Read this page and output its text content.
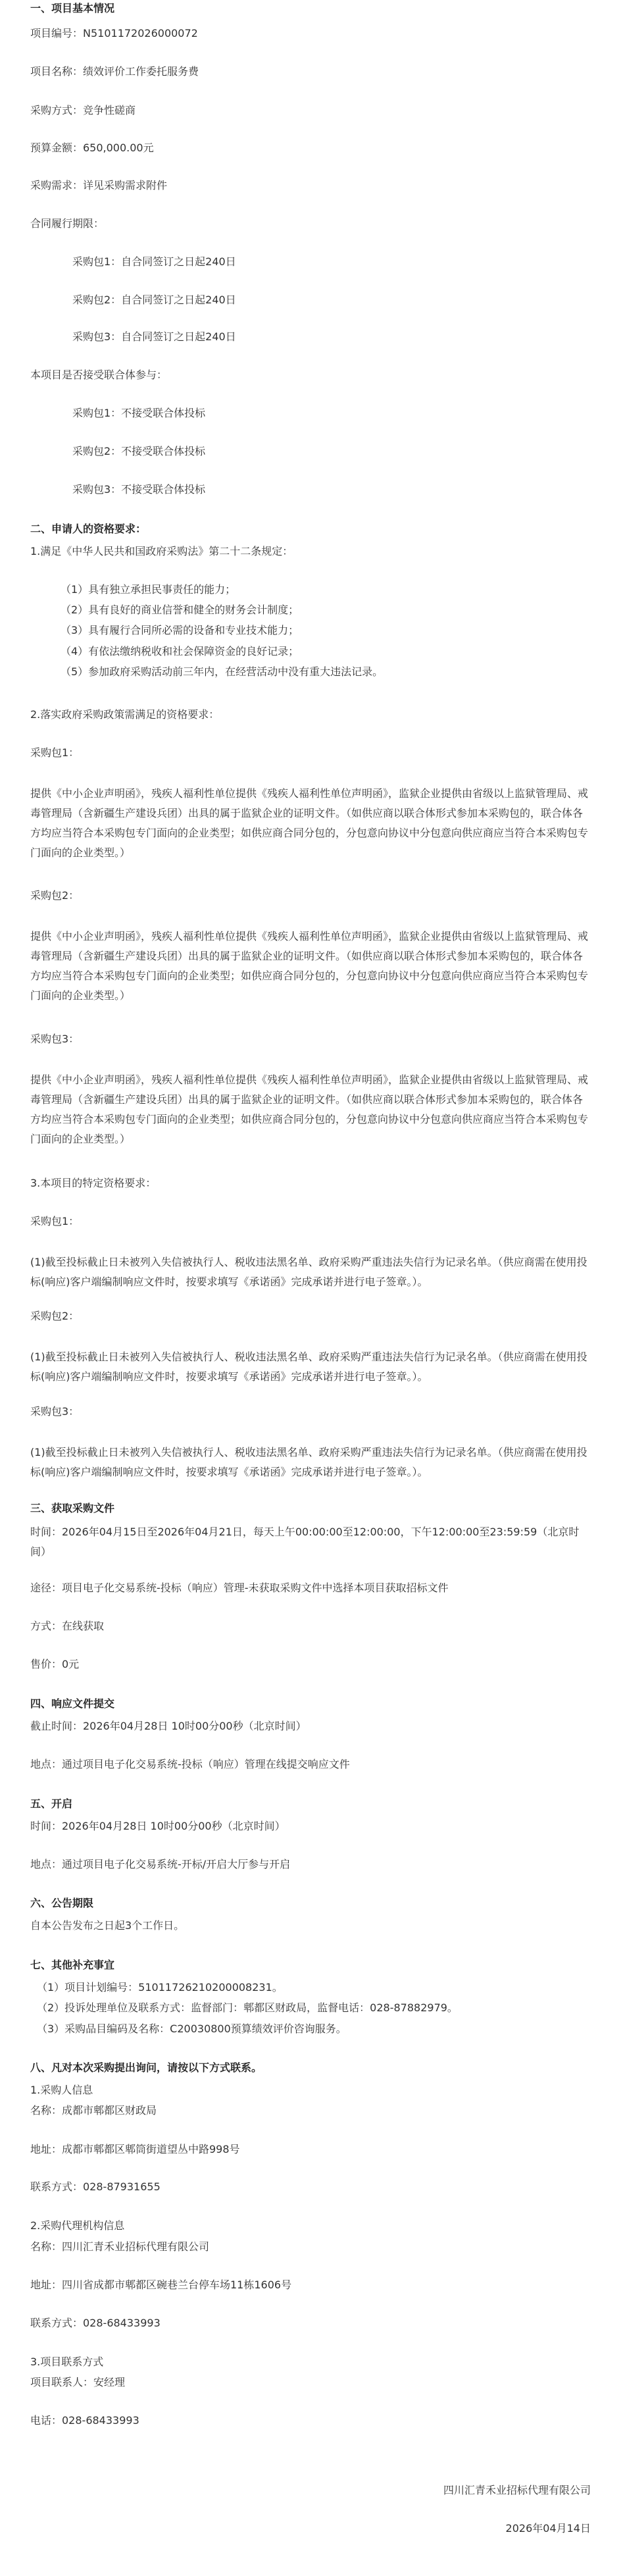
一、项目基本情况
项目编号：N5101172026000072
项目名称：绩效评价工作委托服务费
采购方式：竞争性磋商
预算金额：650,000.00元
采购需求：详见采购需求附件
合同履行期限：
采购包1：自合同签订之日起240日
采购包2：自合同签订之日起240日
采购包3：自合同签订之日起240日
本项目是否接受联合体参与：
采购包1：不接受联合体投标
采购包2：不接受联合体投标
采购包3：不接受联合体投标
二、申请人的资格要求：
1.满足《中华人民共和国政府采购法》第二十二条规定：
（1）具有独立承担民事责任的能力；
（2）具有良好的商业信誉和健全的财务会计制度；
（3）具有履行合同所必需的设备和专业技术能力；
（4）有依法缴纳税收和社会保障资金的良好记录；
（5）参加政府采购活动前三年内，在经营活动中没有重大违法记录。
2.落实政府采购政策需满足的资格要求：
采购包1：
提供《中小企业声明函》，残疾人福利性单位提供《残疾人福利性单位声明函》，监狱企业提供由省级以上监狱管理局、戒毒管理局（含新疆生产建设兵团）出具的属于监狱企业的证明文件。（如供应商以联合体形式参加本采购包的，联合体各方均应当符合本采购包专门面向的企业类型；如供应商合同分包的，分包意向协议中分包意向供应商应当符合本采购包专门面向的企业类型。）
采购包2：
提供《中小企业声明函》，残疾人福利性单位提供《残疾人福利性单位声明函》，监狱企业提供由省级以上监狱管理局、戒毒管理局（含新疆生产建设兵团）出具的属于监狱企业的证明文件。（如供应商以联合体形式参加本采购包的，联合体各方均应当符合本采购包专门面向的企业类型；如供应商合同分包的，分包意向协议中分包意向供应商应当符合本采购包专门面向的企业类型。）
采购包3：
提供《中小企业声明函》，残疾人福利性单位提供《残疾人福利性单位声明函》，监狱企业提供由省级以上监狱管理局、戒毒管理局（含新疆生产建设兵团）出具的属于监狱企业的证明文件。（如供应商以联合体形式参加本采购包的，联合体各方均应当符合本采购包专门面向的企业类型；如供应商合同分包的，分包意向协议中分包意向供应商应当符合本采购包专门面向的企业类型。）
3.本项目的特定资格要求：
采购包1：
(1)截至投标截止日未被列入失信被执行人、税收违法黑名单、政府采购严重违法失信行为记录名单。（供应商需在使用投标(响应)客户端编制响应文件时，按要求填写《承诺函》完成承诺并进行电子签章。）。
采购包2：
(1)截至投标截止日未被列入失信被执行人、税收违法黑名单、政府采购严重违法失信行为记录名单。（供应商需在使用投标(响应)客户端编制响应文件时，按要求填写《承诺函》完成承诺并进行电子签章。）。
采购包3：
(1)截至投标截止日未被列入失信被执行人、税收违法黑名单、政府采购严重违法失信行为记录名单。（供应商需在使用投标(响应)客户端编制响应文件时，按要求填写《承诺函》完成承诺并进行电子签章。）。
三、获取采购文件
时间：2026年04月15日至2026年04月21日，每天上午00:00:00至12:00:00，下午12:00:00至23:59:59（北京时间）
途径：项目电子化交易系统-投标（响应）管理-未获取采购文件中选择本项目获取招标文件
方式：在线获取
售价：0元
四、响应文件提交
截止时间：2026年04月28日 10时00分00秒（北京时间）
地点：通过项目电子化交易系统-投标（响应）管理在线提交响应文件
五、开启
时间：2026年04月28日 10时00分00秒（北京时间）
地点：通过项目电子化交易系统-开标/开启大厅参与开启
六、公告期限
自本公告发布之日起3个工作日。
七、其他补充事宜
（1）项目计划编号：510117262102000082​31。
（2）投诉处理单位及联系方式：监督部门：郫都区财政局，监督电话：028-87882979。
（3）采购品目编码及名称：C20030800预算绩效评价咨询服务。
八、凡对本次采购提出询问，请按以下方式联系。
1.采购人信息
名称：成都市郫都区财政局
地址：成都市郫都区郫筒街道望丛中路998号
联系方式：028-87931655
2.采购代理机构信息
名称：四川汇青禾业招标代理有限公司
地址：四川省成都市郫都区碗巷兰台停车场11栋1606号
联系方式：028-68433993
3.项目联系方式
项目联系人：安经理
电话：028-68433993
四川汇青禾业招标代理有限公司
2026年04月14日
